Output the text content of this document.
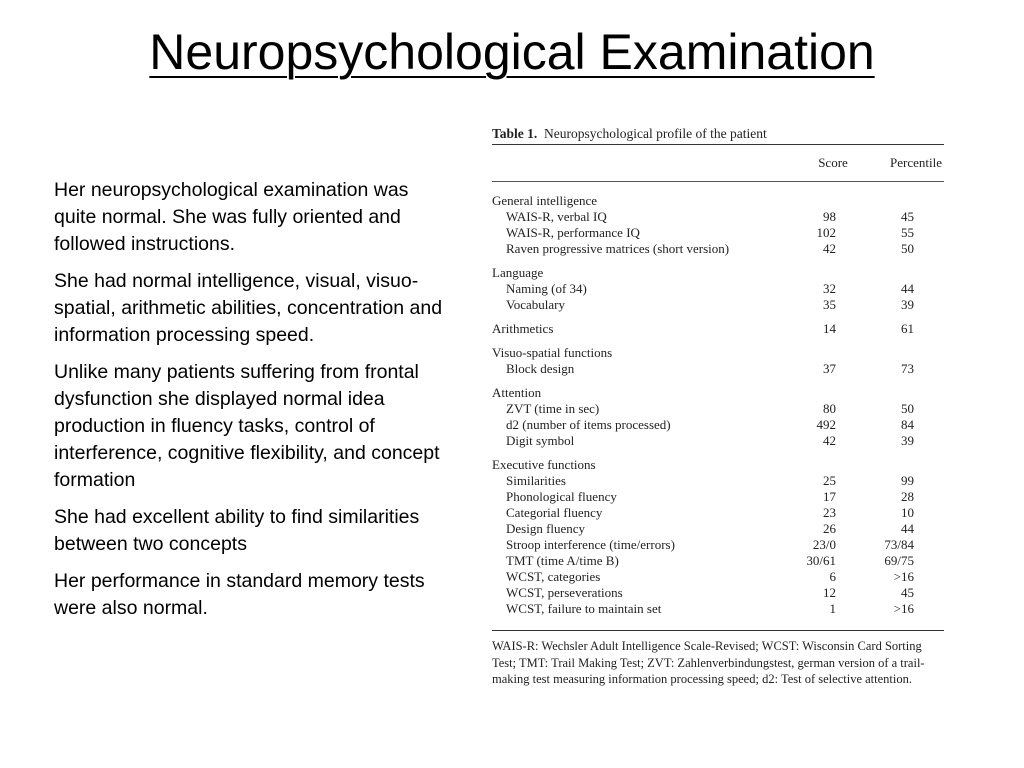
Neuropsychological Examination

Her neuropsychological examination was quite normal. She was fully oriented and followed instructions.

She had normal intelligence, visual, visuo-spatial, arithmetic abilities, concentration and information processing speed.

Unlike many patients suffering from frontal dysfunction she displayed normal idea production in fluency tasks, control of interference, cognitive flexibility, and concept formation

She had excellent ability to find similarities between two concepts

Her performance in standard memory tests were also normal.

Table 1. Neuropsychological profile of the patient
Score	Percentile
General intelligence
WAIS-R, verbal IQ	98	45
WAIS-R, performance IQ	102	55
Raven progressive matrices (short version)	42	50
Language
Naming (of 34)	32	44
Vocabulary	35	39
Arithmetics	14	61
Visuo-spatial functions
Block design	37	73
Attention
ZVT (time in sec)	80	50
d2 (number of items processed)	492	84
Digit symbol	42	39
Executive functions
Similarities	25	99
Phonological fluency	17	28
Categorial fluency	23	10
Design fluency	26	44
Stroop interference (time/errors)	23/0	73/84
TMT (time A/time B)	30/61	69/75
WCST, categories	6	>16
WCST, perseverations	12	45
WCST, failure to maintain set	1	>16
WAIS-R: Wechsler Adult Intelligence Scale-Revised; WCST: Wisconsin Card Sorting Test; TMT: Trail Making Test; ZVT: Zahlenverbindungstest, german version of a trail-making test measuring information processing speed; d2: Test of selective attention.
